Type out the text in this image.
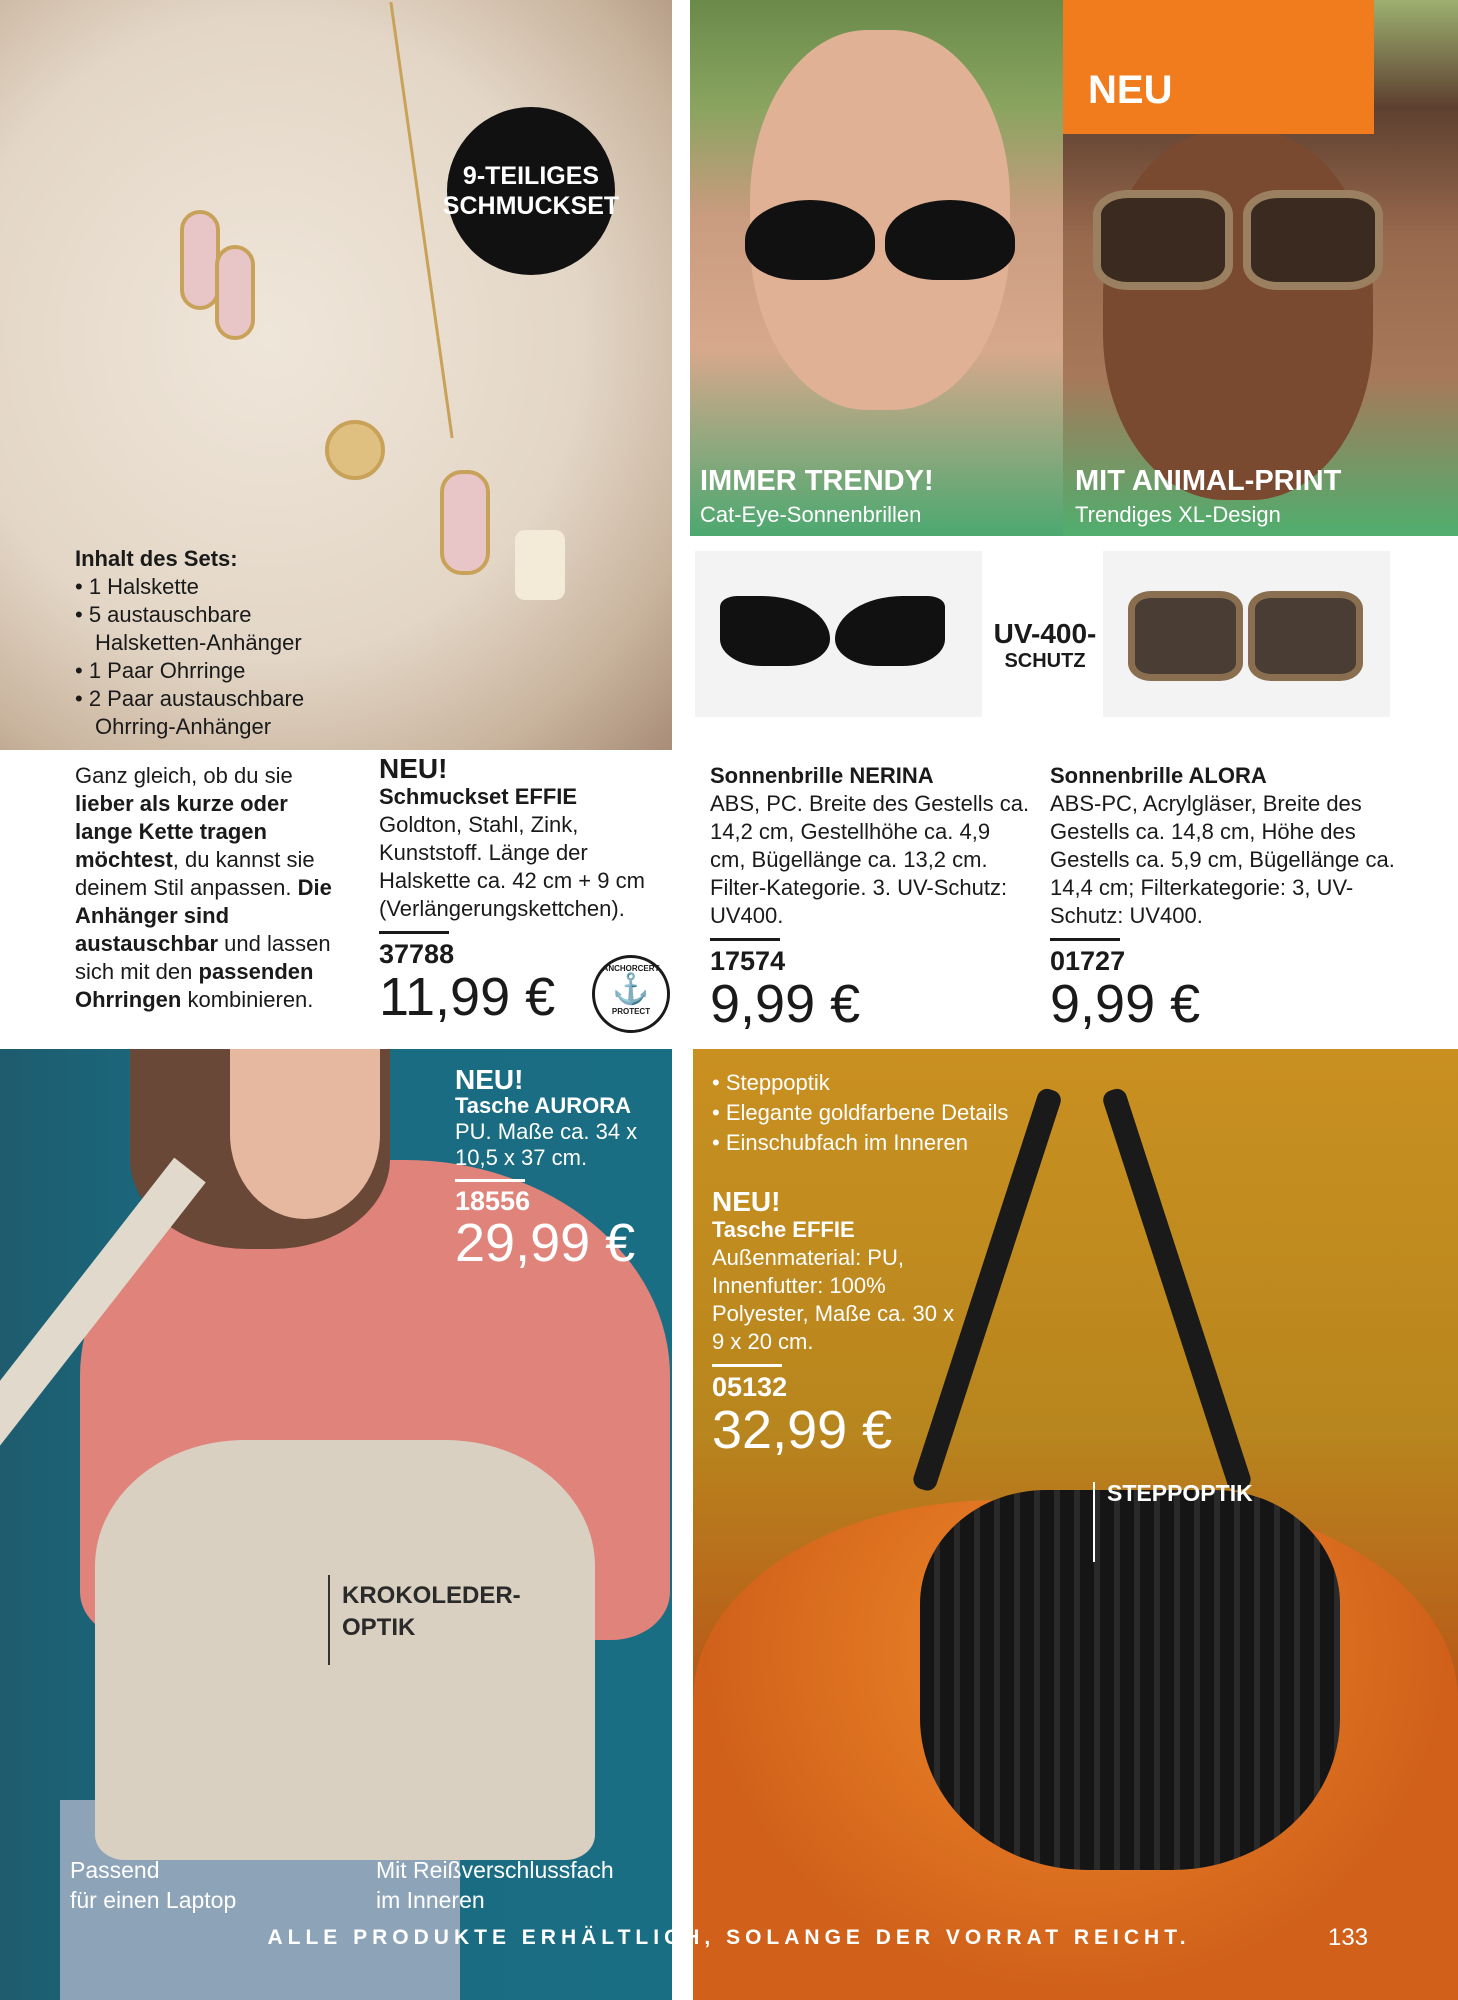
9-TEILIGES
SCHMUCKSET
Inhalt des Sets:
• 1 Halskette
• 5 austauschbare
Halsketten-Anhänger
• 1 Paar Ohrringe
• 2 Paar austauschbare
Ohrring-Anhänger
IMMER TRENDY!
Cat-Eye-Sonnenbrillen
MIT ANIMAL-PRINT
Trendiges XL-Design
NEU
UV-400-
SCHUTZ
Ganz gleich, ob du sie lieber als kurze oder lange Kette tragen möchtest, du kannst sie deinem Stil anpassen. Die Anhänger sind austauschbar und lassen sich mit den passenden Ohrringen kombinieren.
NEU!
Schmuckset EFFIE
Goldton, Stahl, Zink, Kunststoff. Länge der Halskette ca. 42 cm + 9 cm (Verlängerungskettchen).
37788
11,99 €	ANCHORCERT
⚓
PROTECT
Sonnenbrille NERINA
ABS, PC. Breite des Gestells ca. 14,2 cm, Gestellhöhe ca. 4,9 cm, Bügellänge ca. 13,2 cm. Filter-Kategorie. 3. UV-Schutz: UV400.
17574
9,99 €
Sonnenbrille ALORA
ABS-PC, Acrylgläser, Breite des Gestells ca. 14,8 cm, Höhe des Gestells ca. 5,9 cm, Bügellänge ca. 14,4 cm; Filterkategorie: 3, UV-Schutz: UV400.
01727
9,99 €
NEU!
Tasche AURORA
PU. Maße ca. 34 x 10,5 x 37 cm.
18556
29,99 €
KROKOLEDER-
OPTIK
Passend
für einen Laptop
Mit Reißverschlussfach
im Inneren
• Steppoptik
• Elegante goldfarbene Details
• Einschubfach im Inneren
NEU!
Tasche EFFIE
Außenmaterial: PU, Innenfutter: 100% Polyester, Maße ca. 30 x 9 x 20 cm.
05132
32,99 €
STEPPOPTIK
ALLE PRODUKTE ERHÄLTLICH, SOLANGE DER VORRAT REICHT.	133
